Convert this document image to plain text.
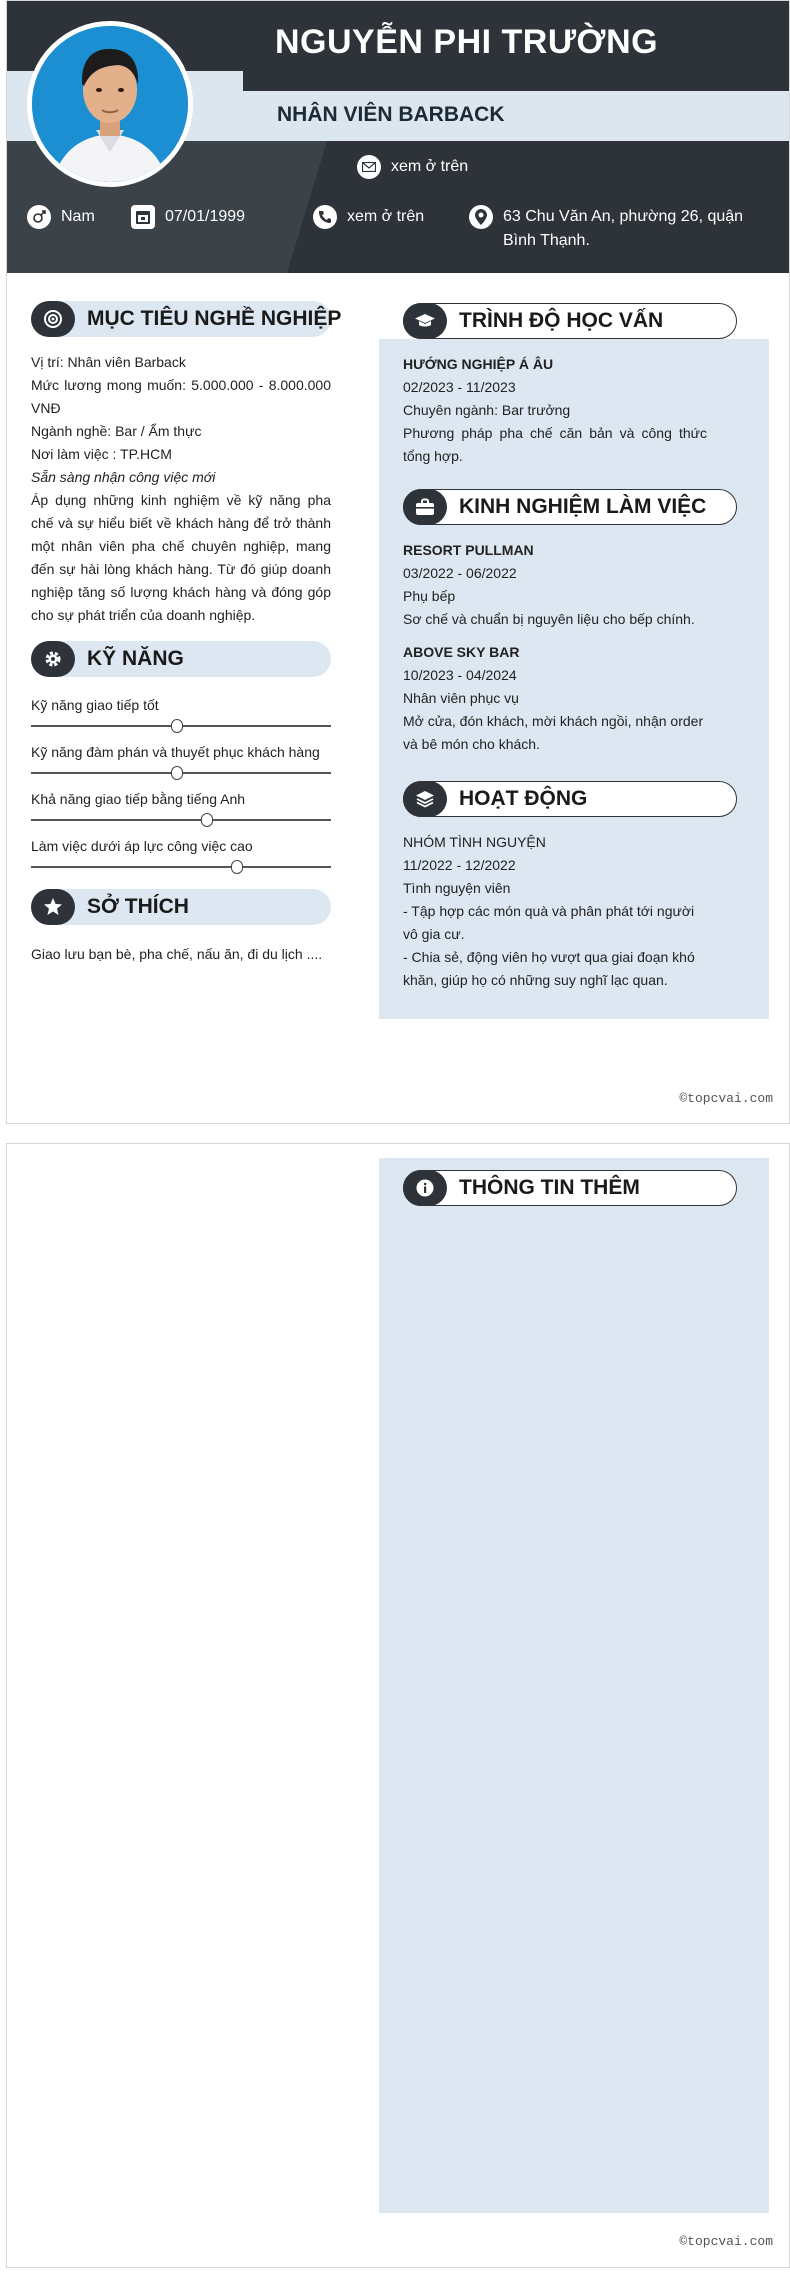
NGUYỄN PHI TRƯỜNG
NHÂN VIÊN BARBACK
xem ở trên
Nam	07/01/1999	xem ở trên	63 Chu Văn An, phường 26, quận Bình Thạnh.
MỤC TIÊU NGHỀ NGHIỆP

Vị trí: Nhân viên Barback

Mức lương mong muốn: 5.000.000 - 8.000.000 VNĐ

Ngành nghề: Bar / Ẩm thực

Nơi làm việc : TP.HCM

Sẵn sàng nhận công việc mới

Áp dụng những kinh nghiệm về kỹ năng pha chế và sự hiểu biết về khách hàng để trở thành một nhân viên pha chế chuyên nghiệp, mang đến sự hài lòng khách hàng. Từ đó giúp doanh nghiệp tăng số lượng khách hàng và đóng góp cho sự phát triển của doanh nghiệp.

KỸ NĂNG
Kỹ năng giao tiếp tốt
Kỹ năng đàm phán và thuyết phục khách hàng
Khả năng giao tiếp bằng tiếng Anh
Làm việc dưới áp lực công việc cao
SỞ THÍCH
Giao lưu bạn bè, pha chế, nấu ăn, đi du lịch ....
TRÌNH ĐỘ HỌC VẤN
HƯỚNG NGHIỆP Á ÂU
02/2023 - 11/2023
Chuyên ngành: Bar trưởng
Phương pháp pha chế căn bản và công thức tổng hợp.
KINH NGHIỆM LÀM VIỆC
RESORT PULLMAN
03/2022 - 06/2022
Phụ bếp
Sơ chế và chuẩn bị nguyên liệu cho bếp chính.
ABOVE SKY BAR
10/2023 - 04/2024
Nhân viên phục vụ
Mở cửa, đón khách, mời khách ngồi, nhận order và bê món cho khách.
HOẠT ĐỘNG
NHÓM TÌNH NGUYỆN
11/2022 - 12/2022
Tình nguyện viên
- Tập hợp các món quà và phân phát tới người vô gia cư.
- Chia sẻ, động viên họ vượt qua giai đoạn khó khăn, giúp họ có những suy nghĩ lạc quan.
©topcvai.com
THÔNG TIN THÊM
©topcvai.com
